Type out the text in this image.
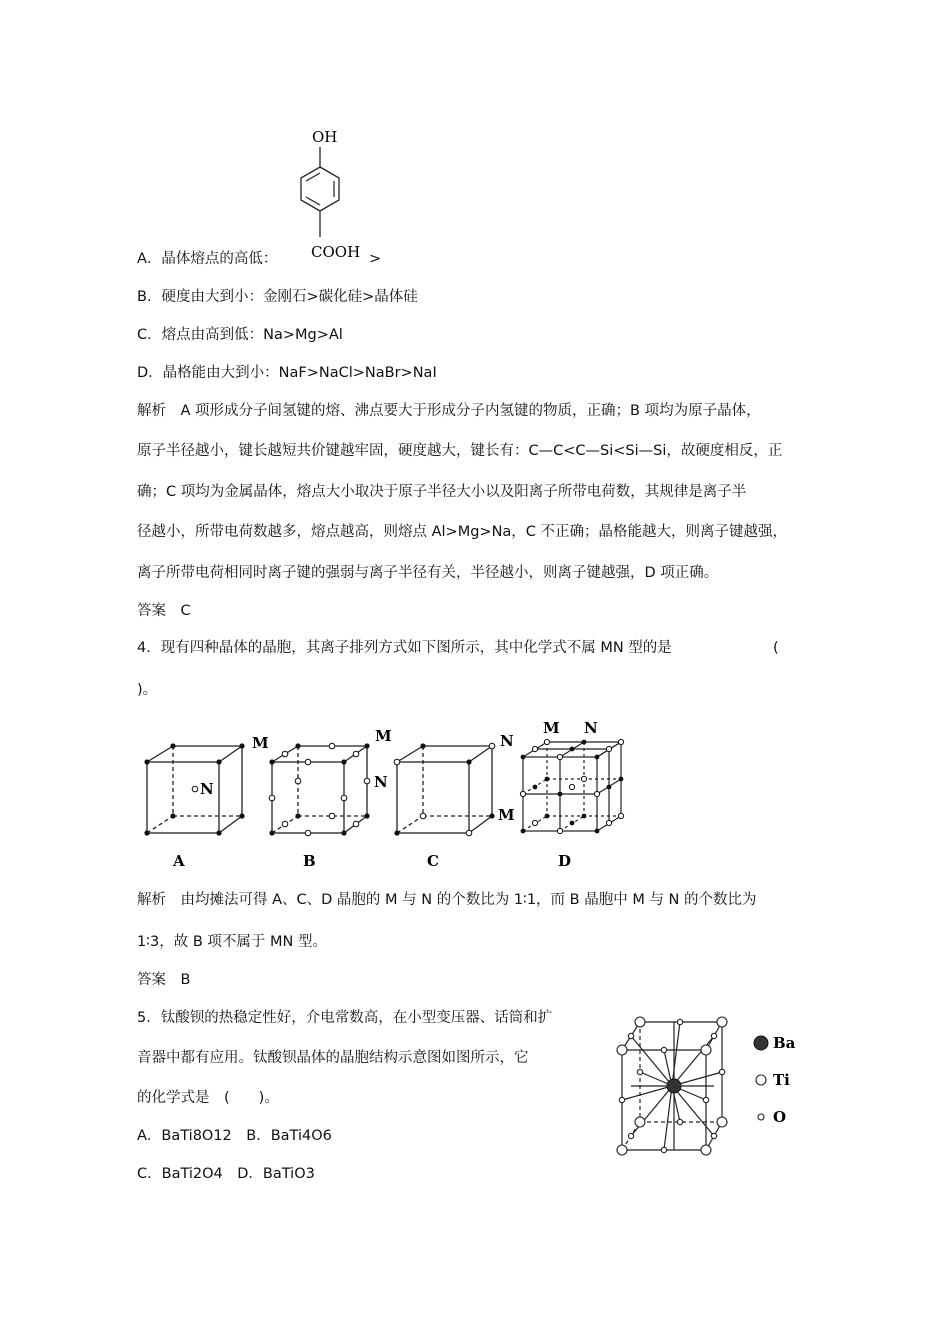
OH
COOH
A．晶体熔点的高低：	>
B．硬度由大到小：金刚石>碳化硅>晶体硅
C．熔点由高到低：Na>Mg>Al
D．晶格能由大到小：NaF>NaCl>NaBr>NaI
解析　A 项形成分子间氢键的熔、沸点要大于形成分子内氢键的物质，正确；B 项均为原子晶体，
原子半径越小，键长越短共价键越牢固，硬度越大，键长有：C—C<C—Si<Si—Si，故硬度相反，正
确；C 项均为金属晶体，熔点大小取决于原子半径大小以及阳离子所带电荷数，其规律是离子半
径越小，所带电荷数越多，熔点越高，则熔点 Al>Mg>Na，C 不正确；晶格能越大，则离子键越强，
离子所带电荷相同时离子键的强弱与离子半径有关，半径越小，则离子键越强，D 项正确。
答案　C
4．现有四种晶体的晶胞，其离子排列方式如下图所示，其中化学式不属 MN 型的是	(
)。
M
N
A
M
N
B
N
M
C
M N
D
解析　由均摊法可得 A、C、D 晶胞的 M 与 N 的个数比为 1∶1，而 B 晶胞中 M 与 N 的个数比为
1∶3，故 B 项不属于 MN 型。
答案　B
5．钛酸钡的热稳定性好，介电常数高，在小型变压器、话筒和扩
音器中都有应用。钛酸钡晶体的晶胞结构示意图如图所示，它
的化学式是　(　　)。
A．BaTi8O12　B．BaTi4O6
C．BaTi2O4　D．BaTiO3
Ba
Ti
O
